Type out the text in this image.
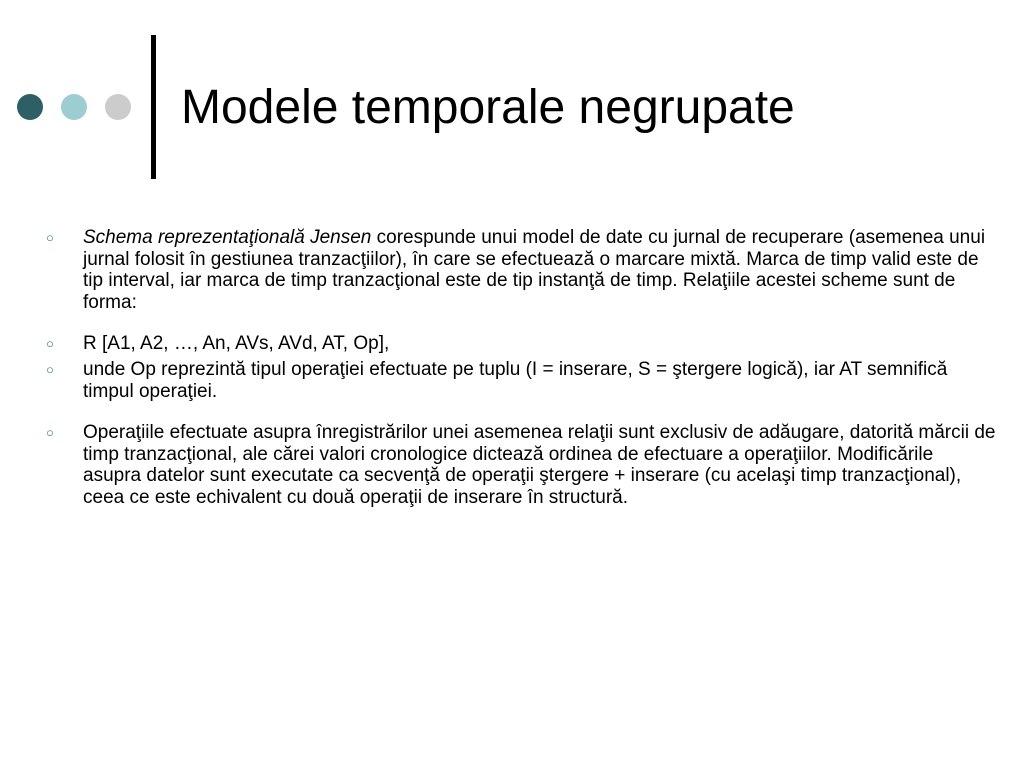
Modele temporale negrupate
○ Schema reprezentaţională Jensen corespunde unui model de date cu jurnal de recuperare (asemenea unui jurnal folosit în gestiunea tranzacţiilor), în care se efectuează o marcare mixtă. Marca de timp valid este de tip interval, iar marca de timp tranzacţional este de tip instanţă de timp. Relaţiile acestei scheme sunt de forma:

○ R [A1, A2, …, An, AVs, AVd, AT, Op],

○ unde Op reprezintă tipul operaţiei efectuate pe tuplu (I = inserare, S = ştergere logică), iar AT semnifică timpul operaţiei.

○ Operaţiile efectuate asupra înregistrărilor unei asemenea relaţii sunt exclusiv de adăugare, datorită mărcii de timp tranzacţional, ale cărei valori cronologice dictează ordinea de efectuare a operaţiilor. Modificările asupra datelor sunt executate ca secvenţă de operaţii ştergere + inserare (cu acelaşi timp tranzacţional), ceea ce este echivalent cu două operaţii de inserare în structură.
